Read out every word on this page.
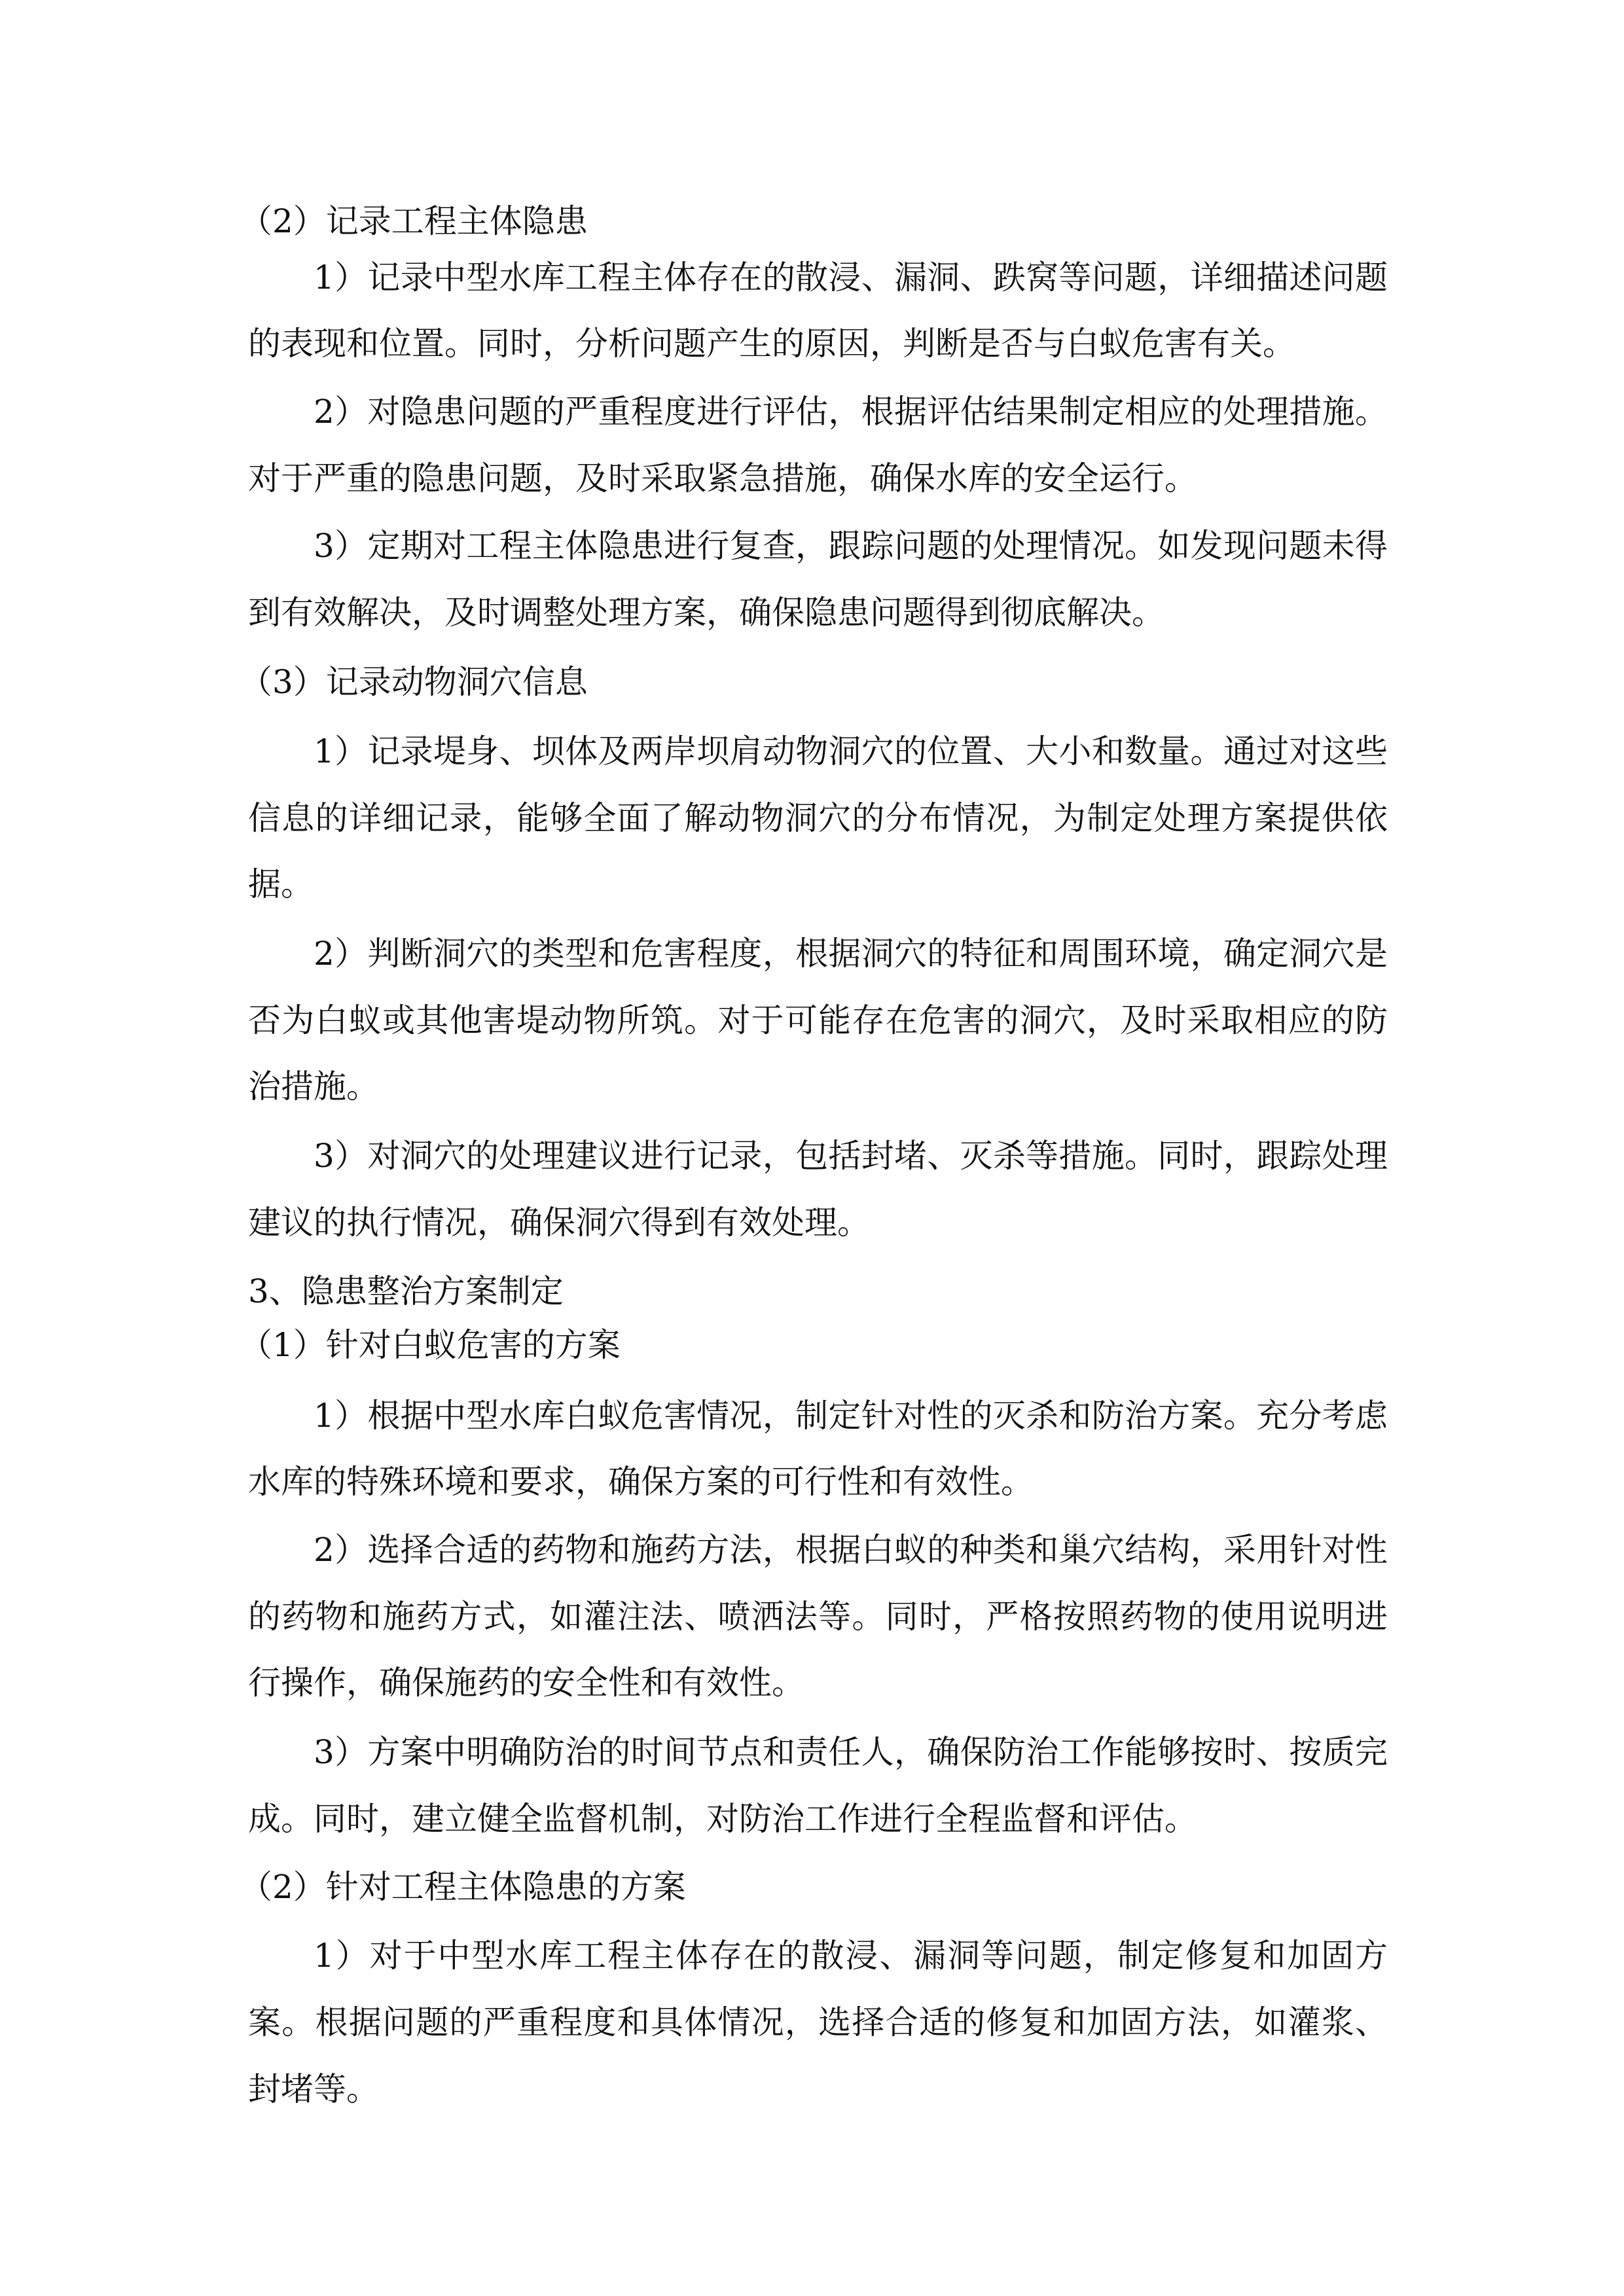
（2）记录工程主体隐患
1）记录中型水库工程主体存在的散浸、漏洞、跌窝等问题，详细描述问题
的表现和位置。同时，分析问题产生的原因，判断是否与白蚁危害有关。
2）对隐患问题的严重程度进行评估，根据评估结果制定相应的处理措施。
对于严重的隐患问题，及时采取紧急措施，确保水库的安全运行。
3）定期对工程主体隐患进行复查，跟踪问题的处理情况。如发现问题未得
到有效解决，及时调整处理方案，确保隐患问题得到彻底解决。
（3）记录动物洞穴信息
1）记录堤身、坝体及两岸坝肩动物洞穴的位置、大小和数量。通过对这些
信息的详细记录，能够全面了解动物洞穴的分布情况，为制定处理方案提供依
据。
2）判断洞穴的类型和危害程度，根据洞穴的特征和周围环境，确定洞穴是
否为白蚁或其他害堤动物所筑。对于可能存在危害的洞穴，及时采取相应的防
治措施。
3）对洞穴的处理建议进行记录，包括封堵、灭杀等措施。同时，跟踪处理
建议的执行情况，确保洞穴得到有效处理。
3、隐患整治方案制定
（1）针对白蚁危害的方案
1）根据中型水库白蚁危害情况，制定针对性的灭杀和防治方案。充分考虑
水库的特殊环境和要求，确保方案的可行性和有效性。
2）选择合适的药物和施药方法，根据白蚁的种类和巢穴结构，采用针对性
的药物和施药方式，如灌注法、喷洒法等。同时，严格按照药物的使用说明进
行操作，确保施药的安全性和有效性。
3）方案中明确防治的时间节点和责任人，确保防治工作能够按时、按质完
成。同时，建立健全监督机制，对防治工作进行全程监督和评估。
（2）针对工程主体隐患的方案
1）对于中型水库工程主体存在的散浸、漏洞等问题，制定修复和加固方
案。根据问题的严重程度和具体情况，选择合适的修复和加固方法，如灌浆、
封堵等。
